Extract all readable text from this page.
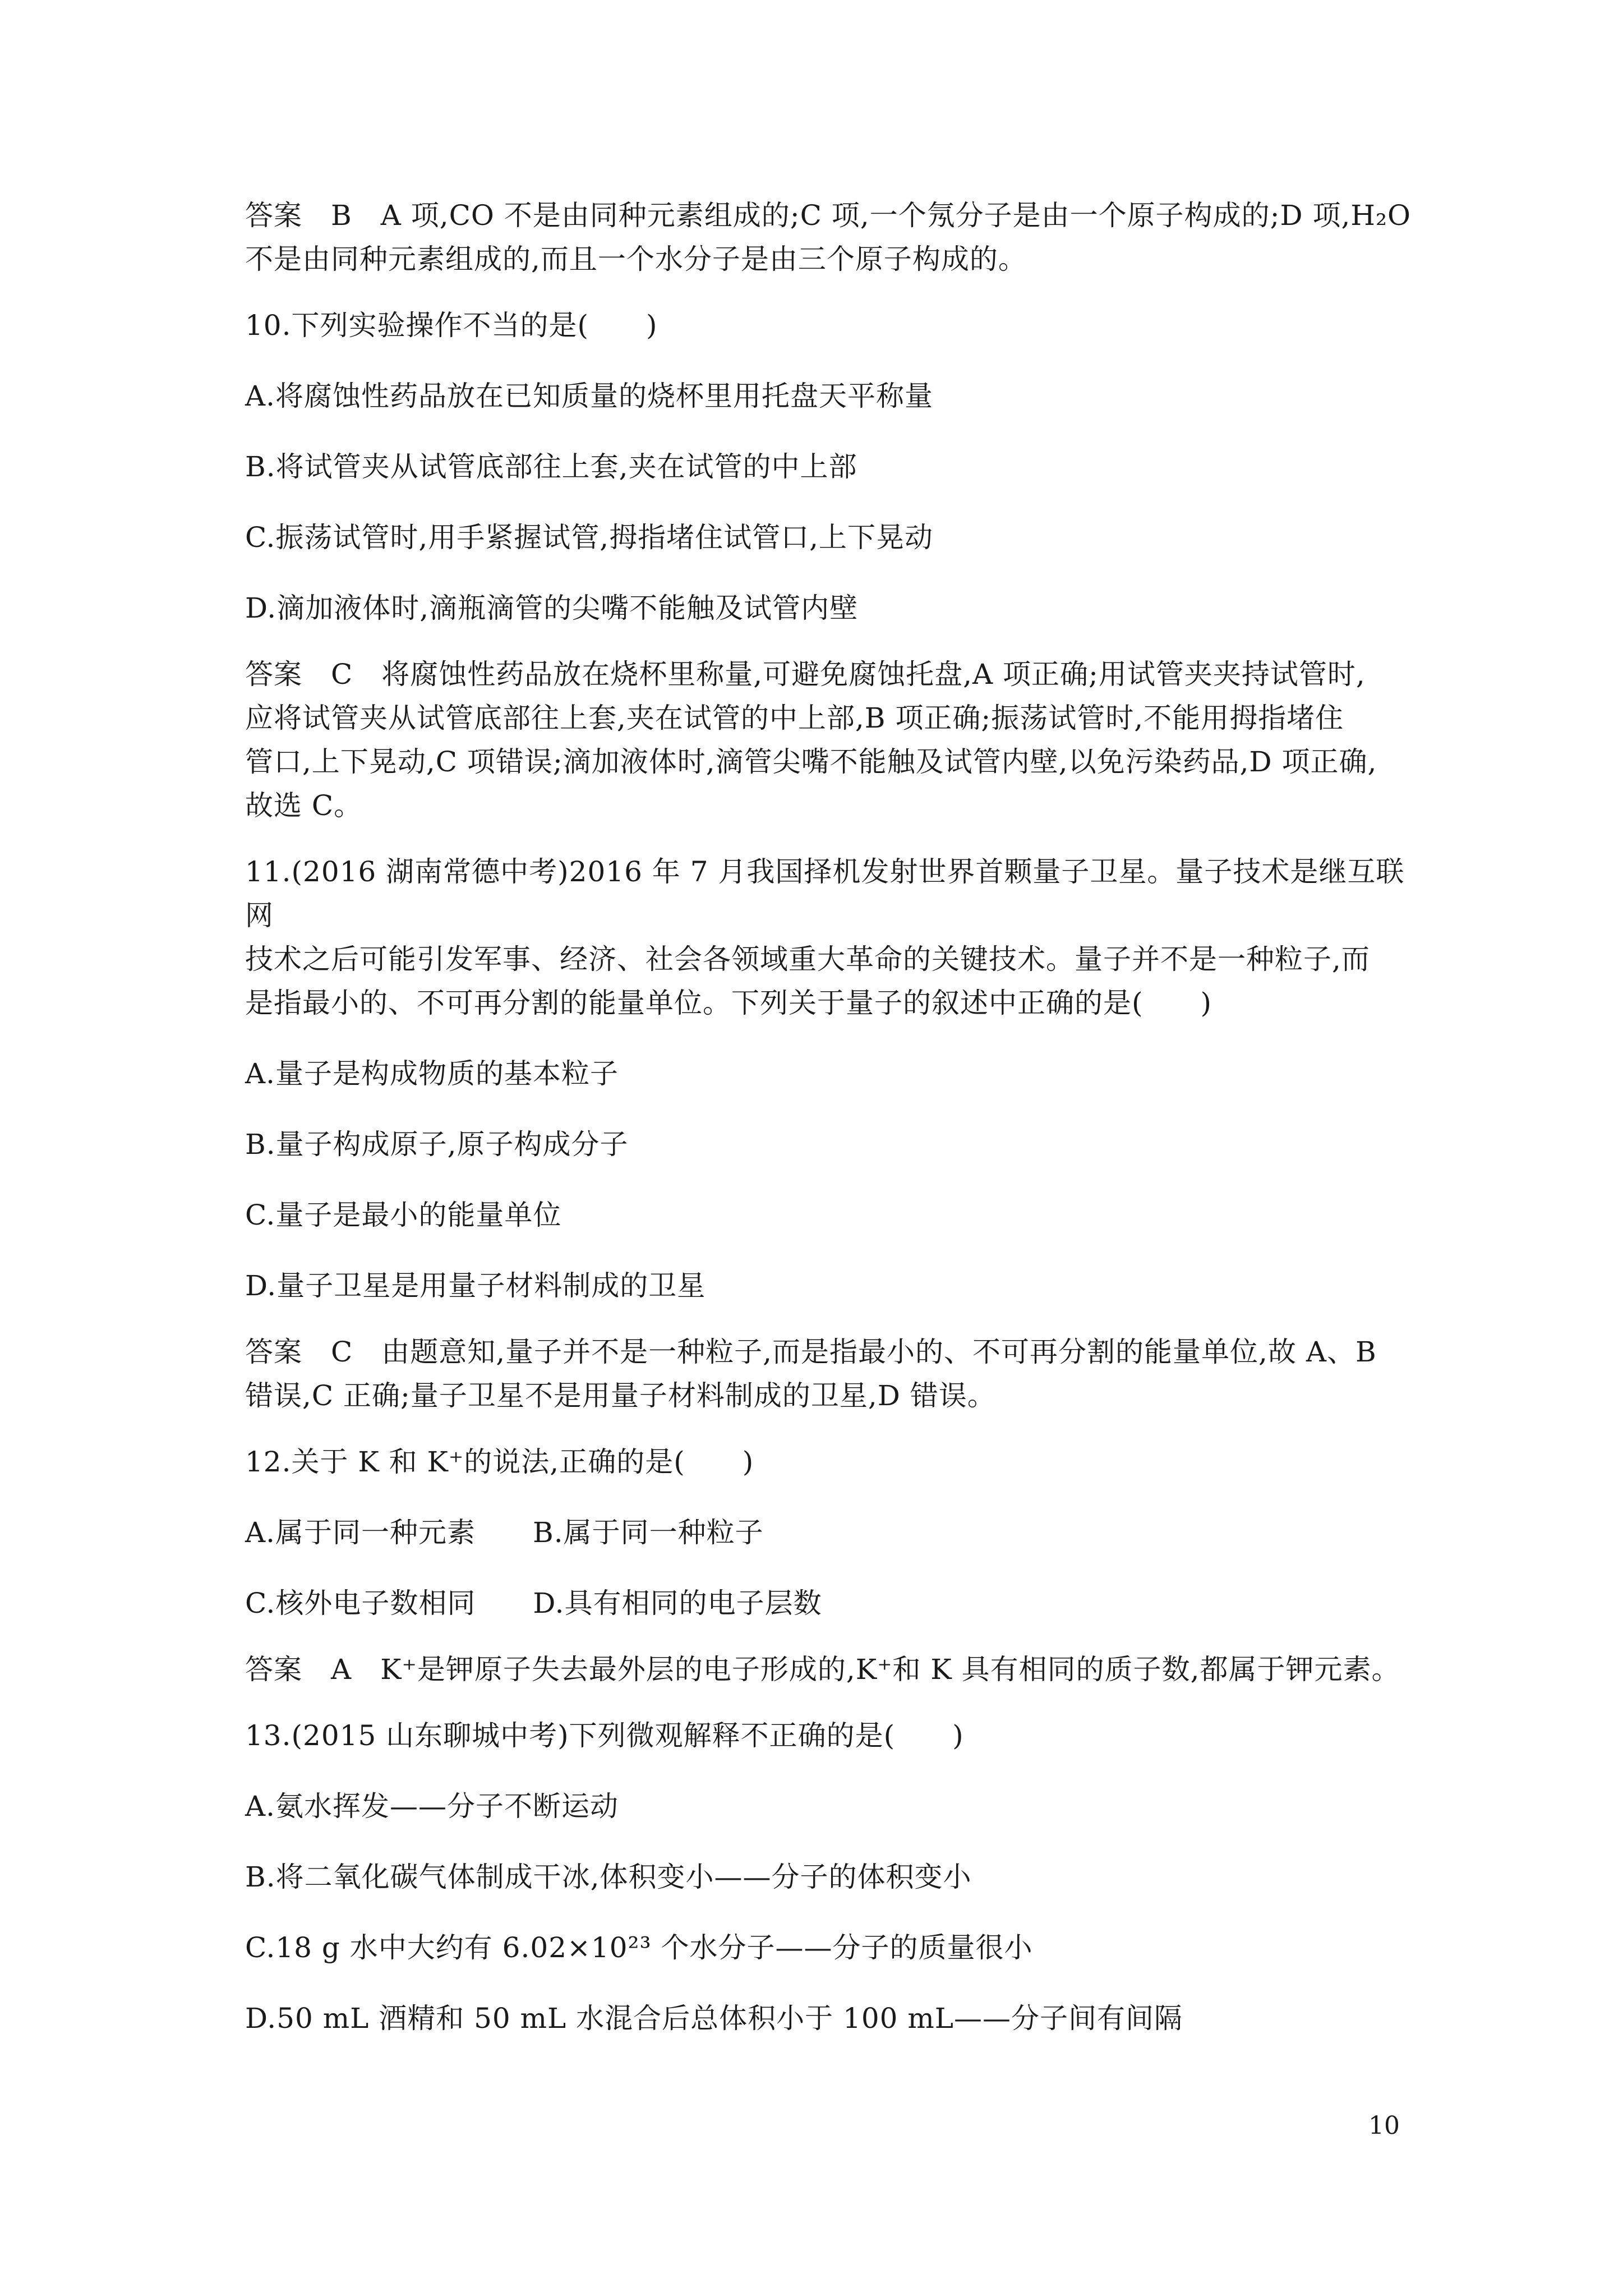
答案　B　A 项,CO 不是由同种元素组成的;C 项,一个氖分子是由一个原子构成的;D 项,H₂O

不是由同种元素组成的,而且一个水分子是由三个原子构成的。

10.下列实验操作不当的是(　　)

A.将腐蚀性药品放在已知质量的烧杯里用托盘天平称量

B.将试管夹从试管底部往上套,夹在试管的中上部

C.振荡试管时,用手紧握试管,拇指堵住试管口,上下晃动

D.滴加液体时,滴瓶滴管的尖嘴不能触及试管内壁

答案　C　将腐蚀性药品放在烧杯里称量,可避免腐蚀托盘,A 项正确;用试管夹夹持试管时,

应将试管夹从试管底部往上套,夹在试管的中上部,B 项正确;振荡试管时,不能用拇指堵住

管口,上下晃动,C 项错误;滴加液体时,滴管尖嘴不能触及试管内壁,以免污染药品,D 项正确,

故选 C。

11.(2016 湖南常德中考)2016 年 7 月我国择机发射世界首颗量子卫星。量子技术是继互联网

技术之后可能引发军事、经济、社会各领域重大革命的关键技术。量子并不是一种粒子,而

是指最小的、不可再分割的能量单位。下列关于量子的叙述中正确的是(　　)

A.量子是构成物质的基本粒子

B.量子构成原子,原子构成分子

C.量子是最小的能量单位

D.量子卫星是用量子材料制成的卫星

答案　C　由题意知,量子并不是一种粒子,而是指最小的、不可再分割的能量单位,故 A、B

错误,C 正确;量子卫星不是用量子材料制成的卫星,D 错误。

12.关于 K 和 K⁺的说法,正确的是(　　)

A.属于同一种元素　　B.属于同一种粒子

C.核外电子数相同　　D.具有相同的电子层数

答案　A　K⁺是钾原子失去最外层的电子形成的,K⁺和 K 具有相同的质子数,都属于钾元素。

13.(2015 山东聊城中考)下列微观解释不正确的是(　　)

A.氨水挥发——分子不断运动

B.将二氧化碳气体制成干冰,体积变小——分子的体积变小

C.18 g 水中大约有 6.02×10²³ 个水分子——分子的质量很小

D.50 mL 酒精和 50 mL 水混合后总体积小于 100 mL——分子间有间隔

10
